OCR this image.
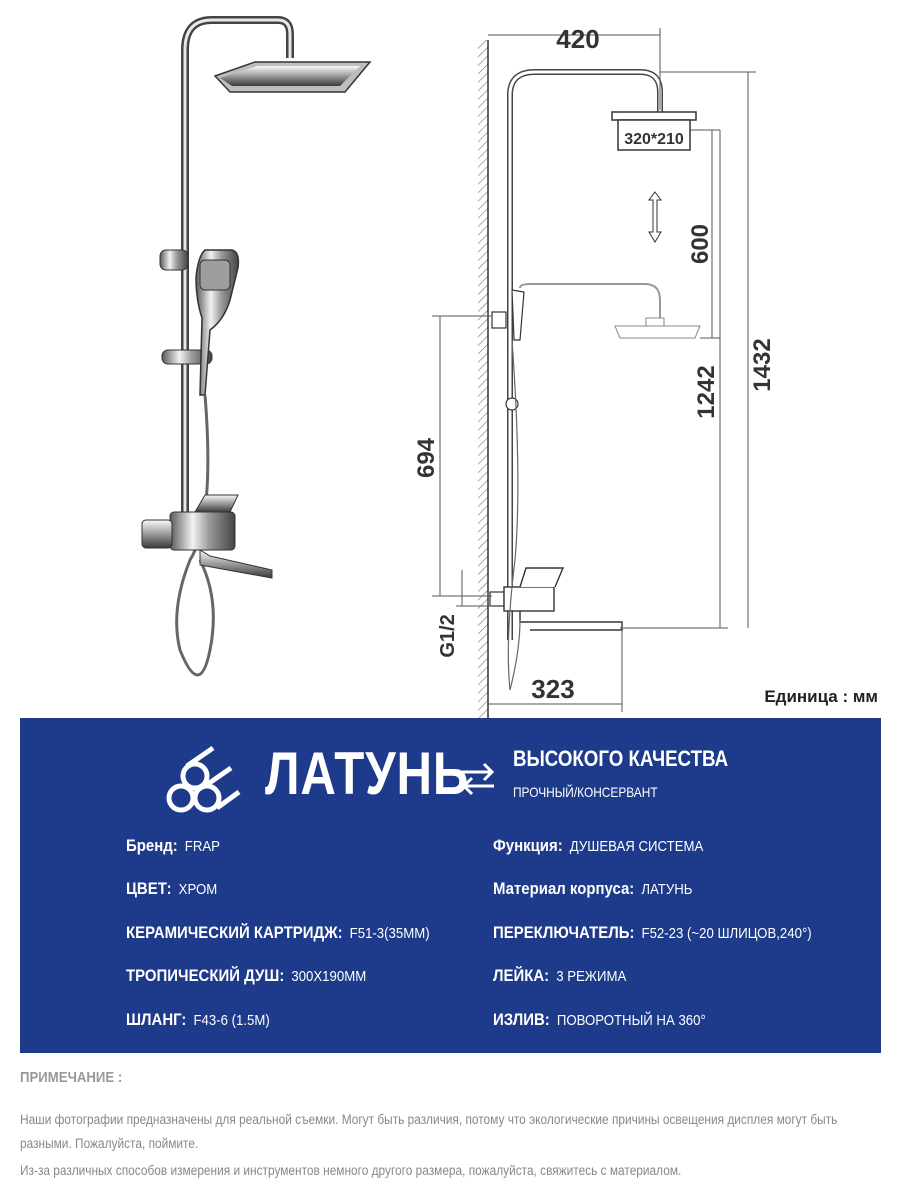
420
320*210
600
1242
1432
694
G1/2
323	Единица : мм
ЛАТУНЬ ВЫСОКОГО КАЧЕСТВА
ПРОЧНЫЙ/КОНСЕРВАНТ
Бренд: FRAP	Функция: ДУШЕВАЯ СИСТЕМА
ЦВЕТ: ХРОМ	Материал корпуса: ЛАТУНЬ
КЕРАМИЧЕСКИЙ КАРТРИДЖ: F51-3(35MM)	ПЕРЕКЛЮЧАТЕЛЬ: F52-23 (~20 ШЛИЦОВ,240°)
ТРОПИЧЕСКИЙ ДУШ: 300X190MM	ЛЕЙКА: 3 РЕЖИМА
ШЛАНГ: F43-6 (1.5M)	ИЗЛИВ: ПОВОРОТНЫЙ НА 360°
ПРИМЕЧАНИЕ :
Наши фотографии предназначены для реальной съемки. Могут быть различия, потому что экологические причины освещения дисплея могут быть разными. Пожалуйста, поймите.
Из-за различных способов измерения и инструментов немного другого размера, пожалуйста, свяжитесь с материалом.
